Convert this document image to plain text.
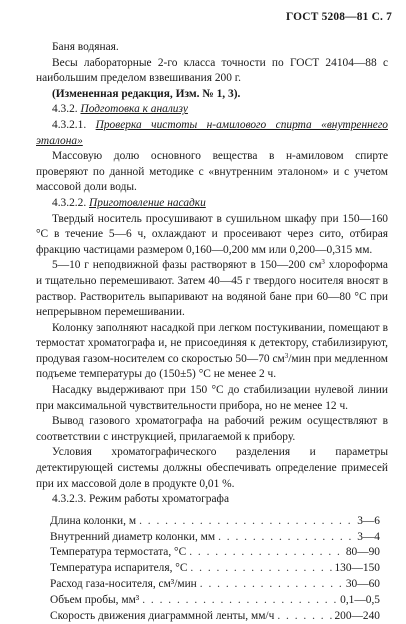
ГОСТ 5208—81 С. 7

Баня водяная.

Весы лабораторные 2-го класса точности по ГОСТ 24104—88 с наибольшим пределом взвешивания 200 г.

(Измененная редакция, Изм. № 1, 3).

4.3.2. Подготовка к анализу

4.3.2.1. Проверка чистоты н-амилового спирта «внутреннего эталона»

Массовую долю основного вещества в н-амиловом спирте проверяют по данной методике с «внутренним эталоном» и с учетом массовой доли воды.

4.3.2.2. Приготовление насадки

Твердый носитель просушивают в сушильном шкафу при 150—160 °С в течение 5—6 ч, охлаждают и просеивают через сито, отбирая фракцию частицами размером 0,160—0,200 мм или 0,200—0,315 мм.

5—10 г неподвижной фазы растворяют в 150—200 $см^3$ хлороформа и тщательно перемешивают. Затем 40—45 г твердого носителя вносят в раствор. Растворитель выпаривают на водяной бане при 60—80 °С при непрерывном перемешивании.

Колонку заполняют насадкой при легком постукивании, помещают в термостат хроматографа и, не присоединяя к детектору, стабилизируют, продувая газом-носителем со скоростью 50—70 $см^3$/мин при медленном подъеме температуры до (150±5) °С не менее 2 ч.

Насадку выдерживают при 150 °С до стабилизации нулевой линии при максимальной чувствительности прибора, но не менее 12 ч.

Вывод газового хроматографа на рабочий режим осуществляют в соответствии с инструкцией, прилагаемой к прибору.

Условия хроматографического разделения и параметры детектирующей системы должны обеспечивать определение примесей при их массовой доле в продукте 0,01 %.

4.3.2.3. Режим работы хроматографа

Длина колонки, м . . .	3—6
Внутренний диаметр колонки, мм . . .	3—4
Температура термостата, °С . . .	80—90
Температура испарителя, °С . . .	130—150
Расход газа-носителя, см³/мин . . .	30—60
Объем пробы, мм³ . . .	0,1—0,5
Скорость движения диаграммной ленты, мм/ч . . .	200—240
